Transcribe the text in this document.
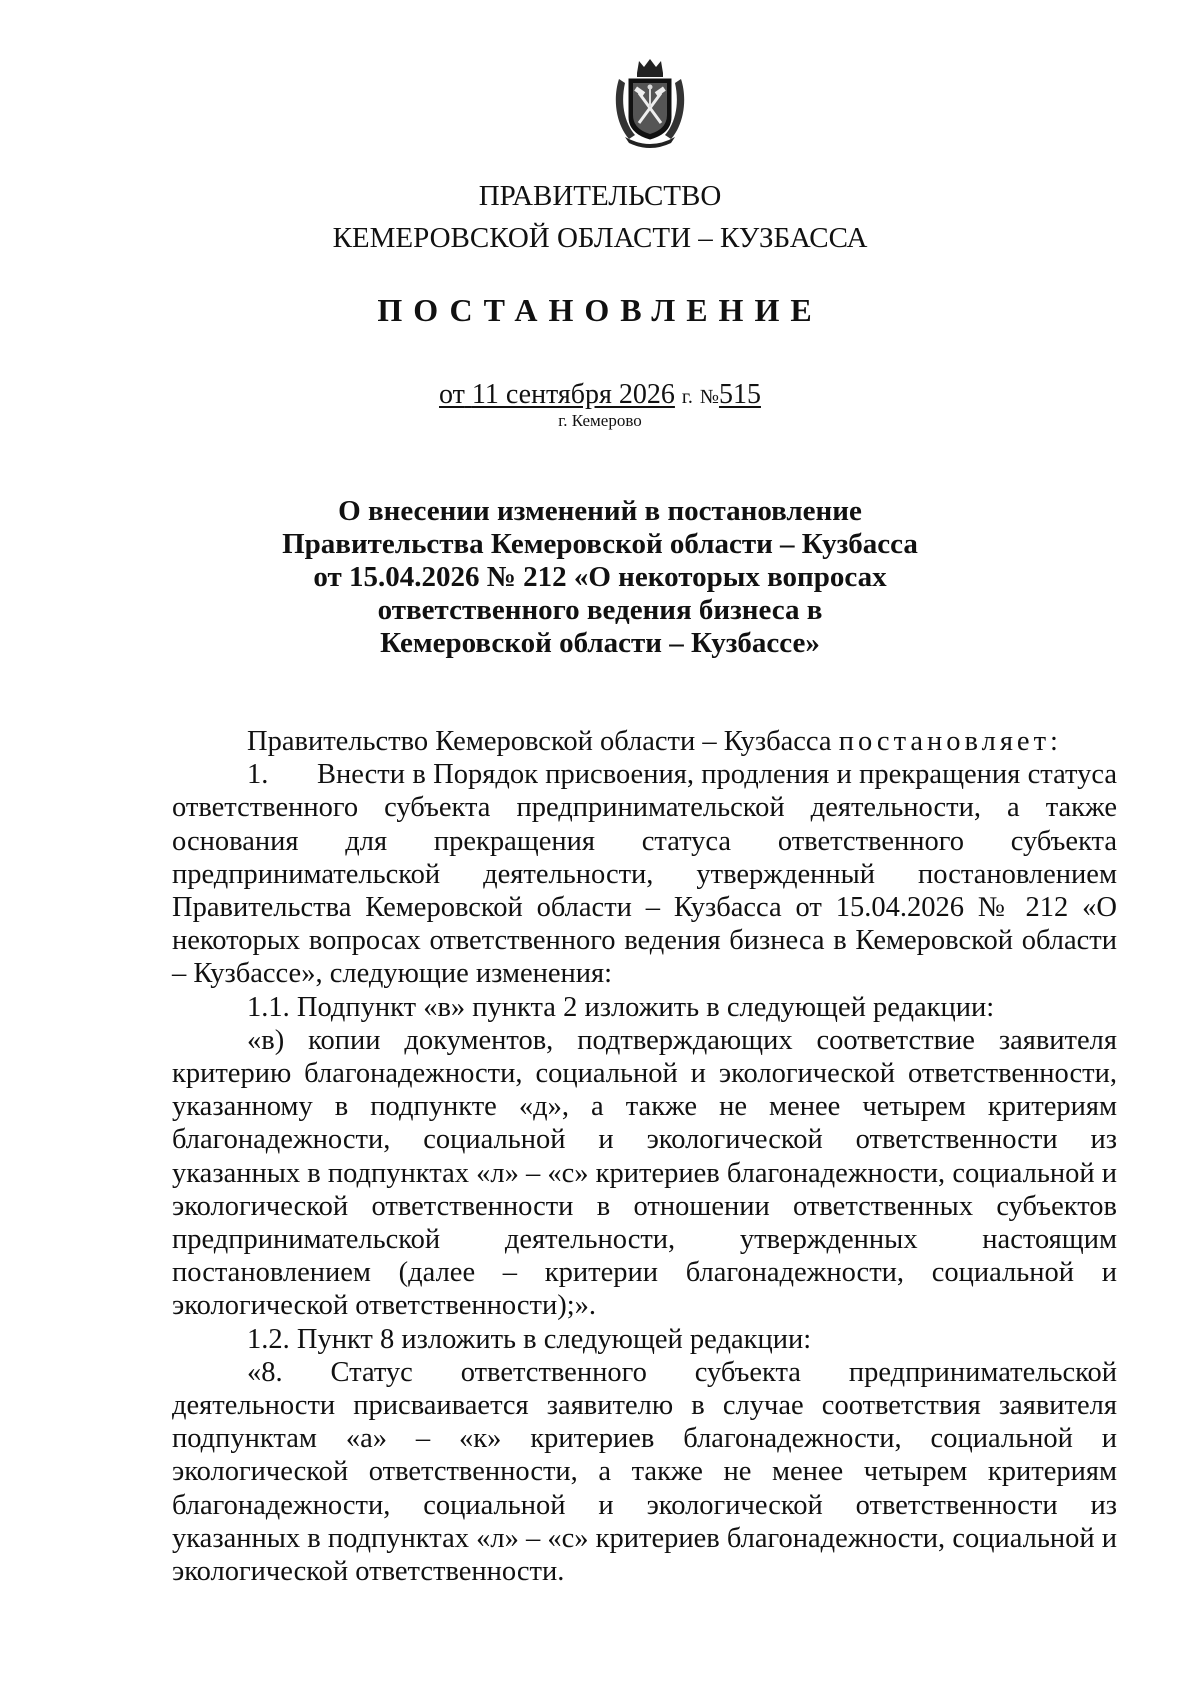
ПРАВИТЕЛЬСТВО
КЕМЕРОВСКОЙ ОБЛАСТИ – КУЗБАССА
ПОСТАНОВЛЕНИЕ
от 11 сентября 2026 г. №515
г. Кемерово
О внесении изменений в постановление
Правительства Кемеровской области – Кузбасса
от 15.04.2026 № 212 «О некоторых вопросах
ответственного ведения бизнеса в
Кемеровской области – Кузбассе»

Правительство Кемеровской области – Кузбасса постановляет:

1. Внести в Порядок присвоения, продления и прекращения статуса ответственного субъекта предпринимательской деятельности, а также основания для прекращения статуса ответственного субъекта предпринимательской деятельности, утвержденный постановлением Правительства Кемеровской области – Кузбасса от 15.04.2026 № 212 «О некоторых вопросах ответственного ведения бизнеса в Кемеровской области – Кузбассе», следующие изменения:

1.1. Подпункт «в» пункта 2 изложить в следующей редакции:

«в) копии документов, подтверждающих соответствие заявителя критерию благонадежности, социальной и экологической ответственности, указанному в подпункте «д», а также не менее четырем критериям благонадежности, социальной и экологической ответственности из указанных в подпунктах «л» – «с» критериев благонадежности, социальной и экологической ответственности в отношении ответственных субъектов предпринимательской деятельности, утвержденных настоящим постановлением (далее – критерии благонадежности, социальной и экологической ответственности);».

1.2. Пункт 8 изложить в следующей редакции:

«8. Статус ответственного субъекта предпринимательской деятельности присваивается заявителю в случае соответствия заявителя подпунктам «а» – «к» критериев благонадежности, социальной и экологической ответственности, а также не менее четырем критериям благонадежности, социальной и экологической ответственности из указанных в подпунктах «л» – «с» критериев благонадежности, социальной и экологической ответственности.
